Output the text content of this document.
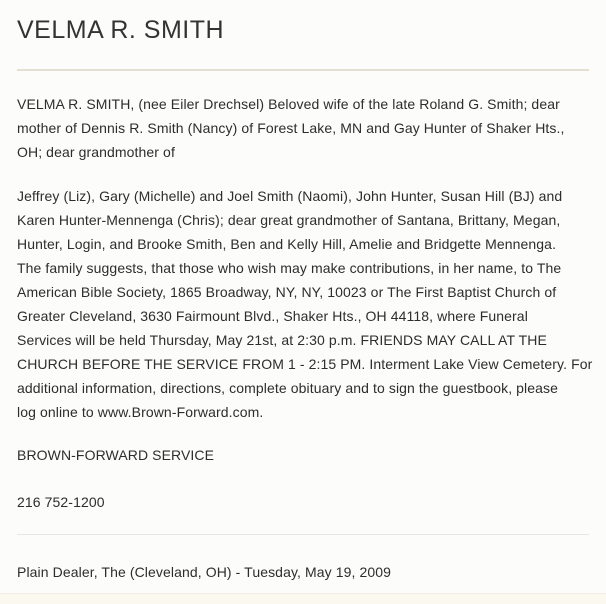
VELMA R. SMITH
VELMA R. SMITH, (nee Eiler Drechsel) Beloved wife of the late Roland G. Smith; dear
mother of Dennis R. Smith (Nancy) of Forest Lake, MN and Gay Hunter of Shaker Hts.,
OH; dear grandmother of
Jeffrey (Liz), Gary (Michelle) and Joel Smith (Naomi), John Hunter, Susan Hill (BJ) and
Karen Hunter-Mennenga (Chris); dear great grandmother of Santana, Brittany, Megan,
Hunter, Login, and Brooke Smith, Ben and Kelly Hill, Amelie and Bridgette Mennenga.
The family suggests, that those who wish may make contributions, in her name, to The
American Bible Society, 1865 Broadway, NY, NY, 10023 or The First Baptist Church of
Greater Cleveland, 3630 Fairmount Blvd., Shaker Hts., OH 44118, where Funeral
Services will be held Thursday, May 21st, at 2:30 p.m. FRIENDS MAY CALL AT THE
CHURCH BEFORE THE SERVICE FROM 1 - 2:15 PM. Interment Lake View Cemetery. For
additional information, directions, complete obituary and to sign the guestbook, please
log online to www.Brown-Forward.com.
BROWN-FORWARD SERVICE
216 752-1200
Plain Dealer, The (Cleveland, OH) - Tuesday, May 19, 2009
